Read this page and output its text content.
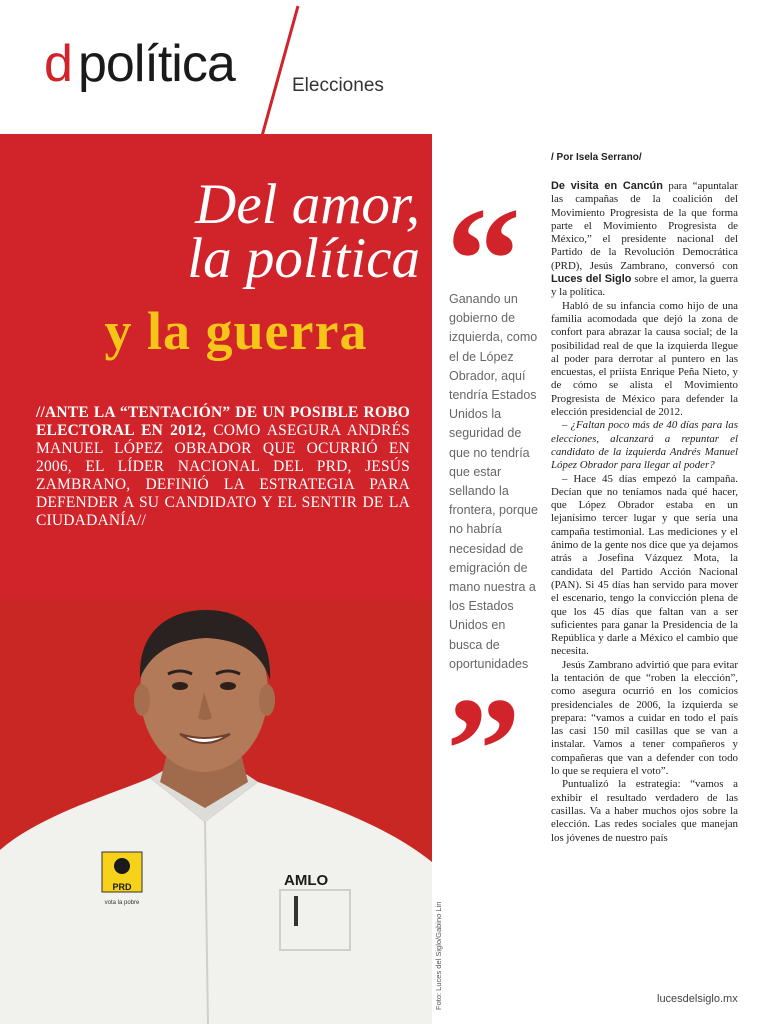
d política	Elecciones
Del amor,
la política
y la guerra
//ANTE LA “TENTACIÓN” DE UN POSIBLE ROBO ELECTORAL EN 2012, COMO ASEGURA ANDRÉS MANUEL LÓPEZ OBRADOR QUE OCURRIÓ EN 2006, EL LÍDER NACIONAL DEL PRD, JESÚS ZAMBRANO, DEFINIÓ LA ESTRATEGIA PARA DEFENDER A SU CANDIDATO Y EL SENTIR DE LA CIUDADANÍA//
PRD
vota la pobre
AMLO
Foto: Luces del Siglo/Gabino Lin
Ganando un gobierno de izquierda, como el de López Obrador, aquí tendría Estados Unidos la seguridad de que no tendría que estar sellando la frontera, porque no habría necesidad de emigración de mano nuestra a los Estados Unidos en busca de oportunidades
/ Por Isela Serrano/

De visita en Cancún para “apuntalar las campañas de la coalición del Movimiento Progresista de la que forma parte el Movimiento Progresista de México,” el presidente nacional del Partido de la Revolución Democrática (PRD), Jesús Zambrano, conversó con Luces del Siglo sobre el amor, la guerra y la política.

Habló de su infancia como hijo de una familia acomodada que dejó la zona de confort para abrazar la causa social; de la posibilidad real de que la izquierda llegue al poder para derrotar al puntero en las encuestas, el priísta Enrique Peña Nieto, y de cómo se alista el Movimiento Progresista de México para defender la elección presidencial de 2012.

– ¿Faltan poco más de 40 días para las elecciones, alcanzará a repuntar el candidato de la izquierda Andrés Manuel López Obrador para llegar al poder?

– Hace 45 días empezó la campaña. Decían que no teníamos nada qué hacer, que López Obrador estaba en un lejanísimo tercer lugar y que sería una campaña testimonial. Las mediciones y el ánimo de la gente nos dice que ya dejamos atrás a Josefina Vázquez Mota, la candidata del Partido Acción Nacional (PAN). Si 45 días han servido para mover el escenario, tengo la convicción plena de que los 45 días que faltan van a ser suficientes para ganar la Presidencia de la República y darle a México el cambio que necesita.

Jesús Zambrano advirtió que para evitar la tentación de que “roben la elección”, como asegura ocurrió en los comicios presidenciales de 2006, la izquierda se prepara: “vamos a cuidar en todo el país las casi 150 mil casillas que se van a instalar. Vamos a tener compañeros y compañeras que van a defender con todo lo que se requiera el voto”.

Puntualizó la estrategia: “vamos a exhibir el resultado verdadero de las casillas. Va a haber muchos ojos sobre la elección. Las redes sociales que manejan los jóvenes de nuestro país

lucesdelsiglo.mx
